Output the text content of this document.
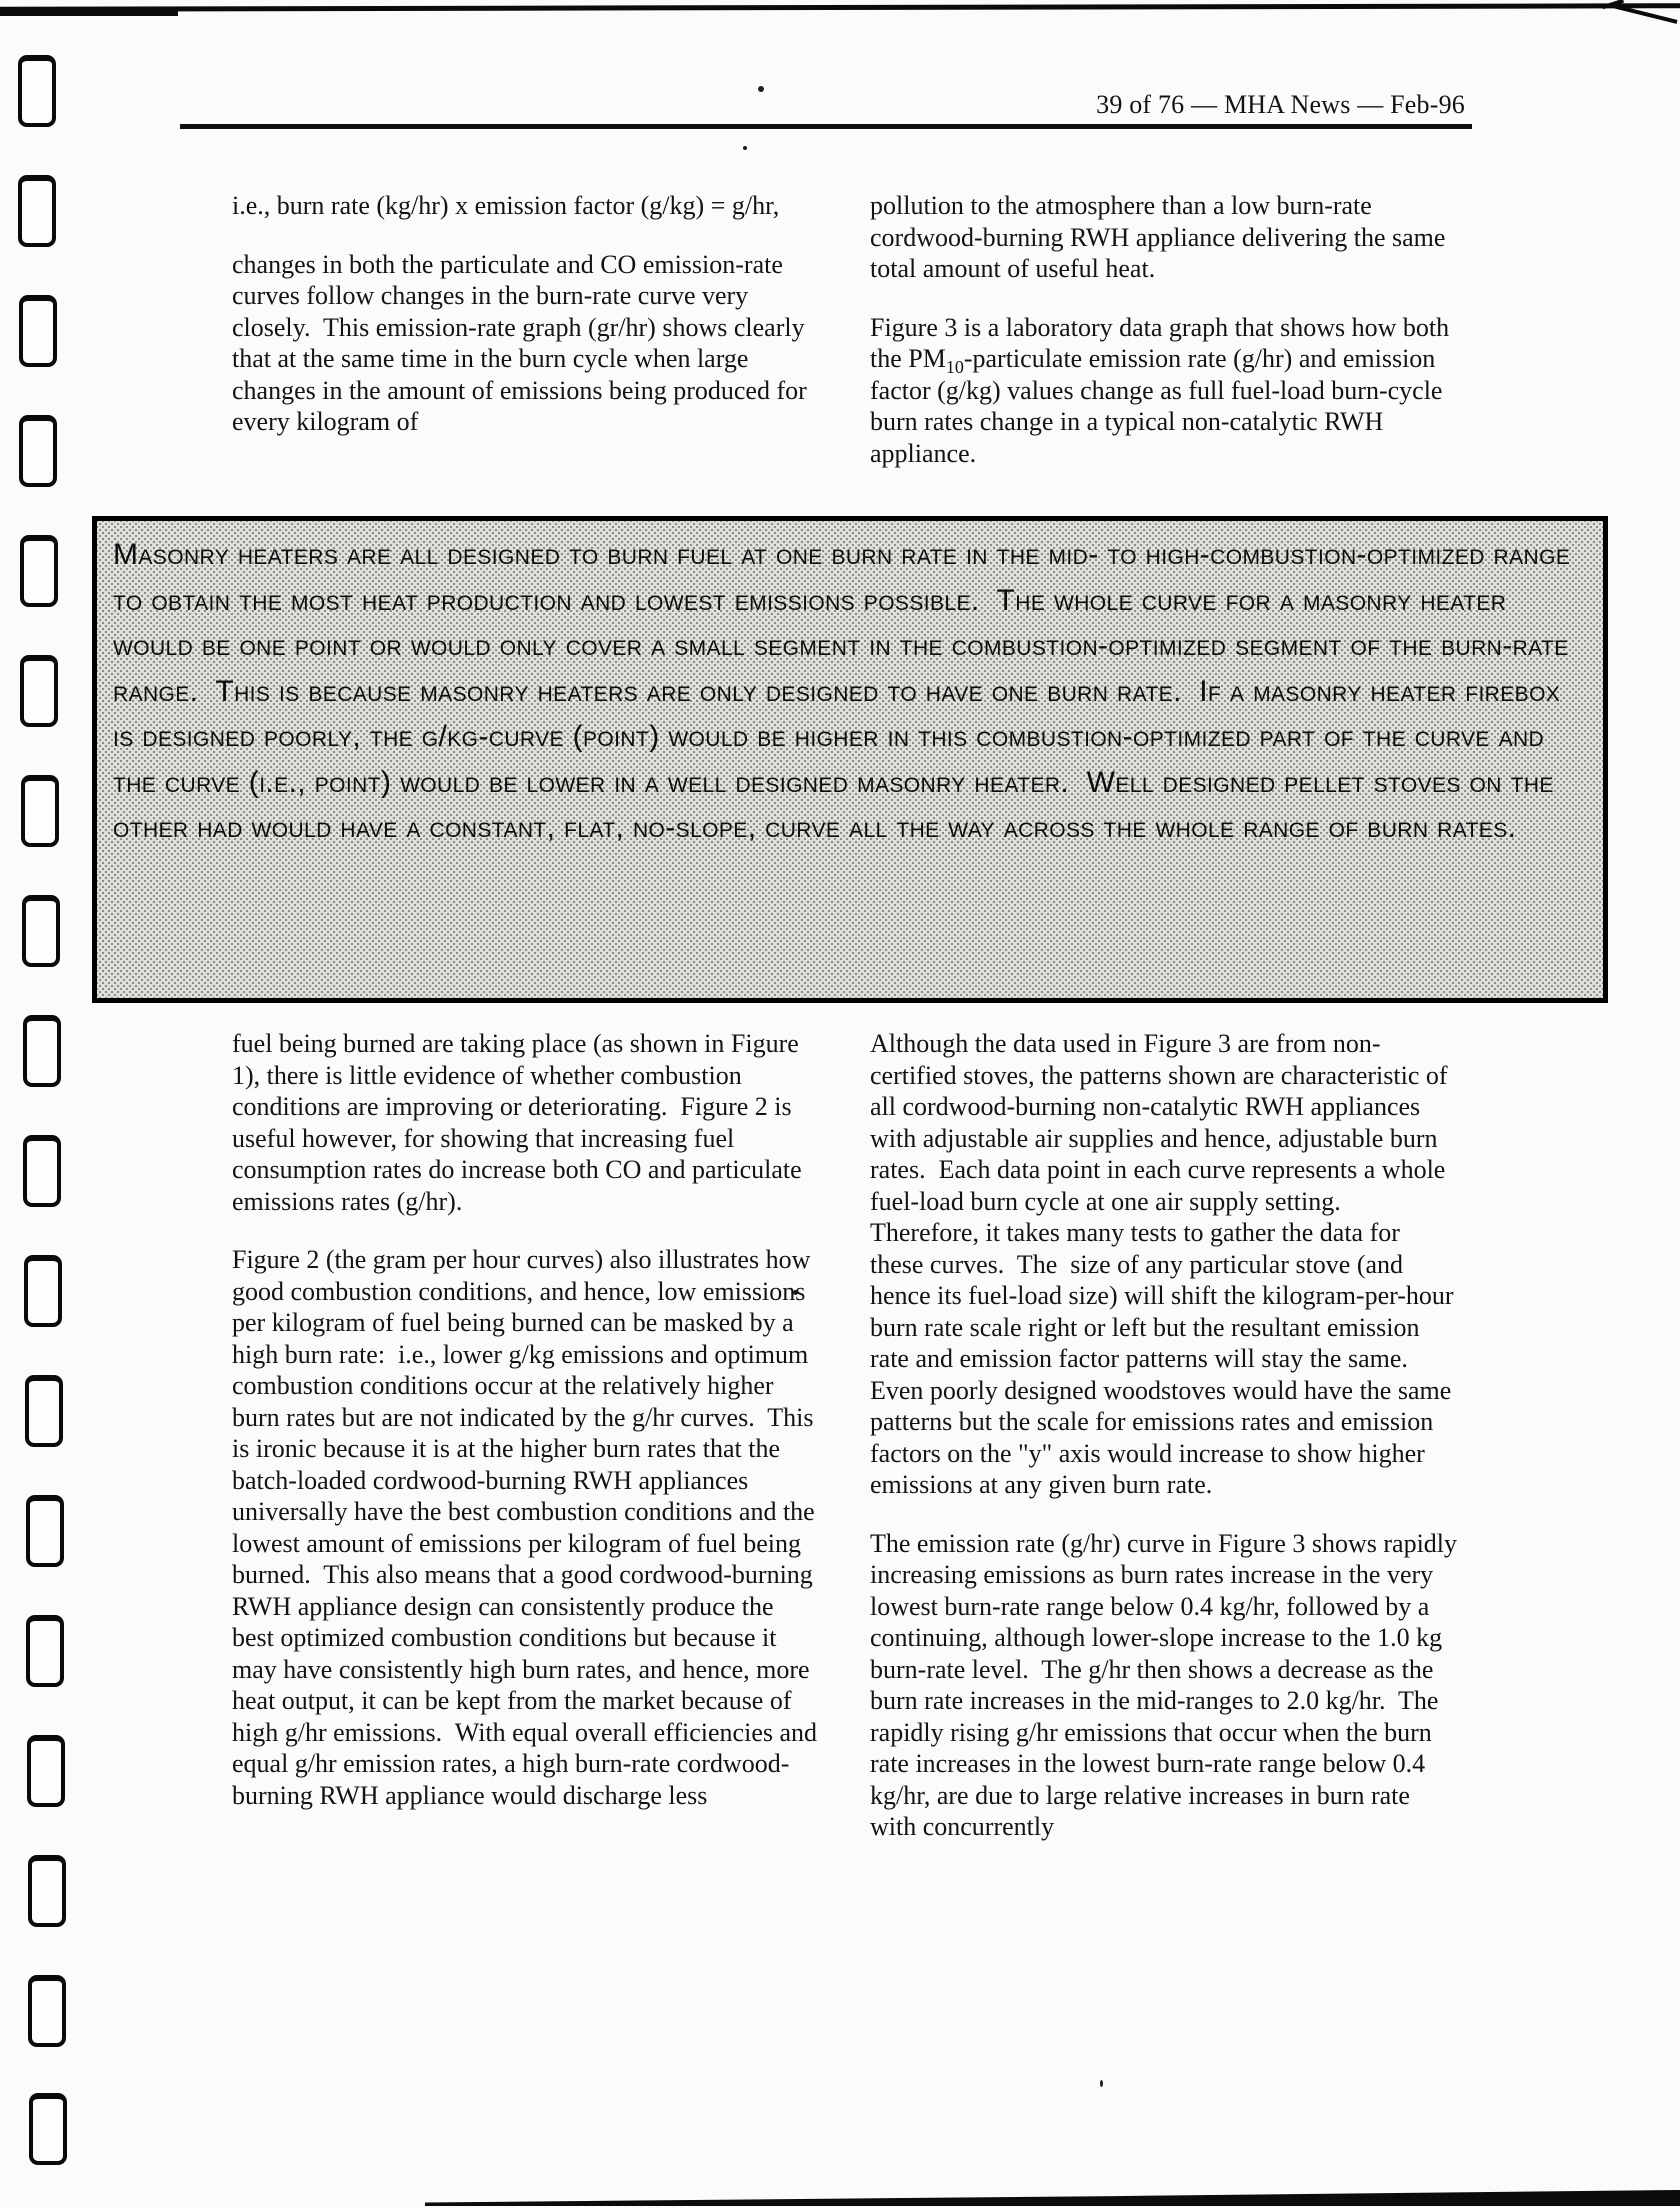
39 of 76 — MHA News — Feb-96

i.e., burn rate (kg/hr) x emission factor (g/kg) = g/hr,

changes in both the particulate and CO emission-rate curves follow changes in the burn-rate curve very closely.  This emission-rate graph (gr/hr) shows clearly that at the same time in the burn cycle when large changes in the amount of emissions being produced for every kilogram of

pollution to the atmosphere than a low burn-rate cordwood-burning RWH appliance delivering the same total amount of useful heat.

Figure 3 is a laboratory data graph that shows how both the $PM_{10}$-particulate emission rate (g/hr) and emission factor (g/kg) values change as full fuel-load burn-cycle burn rates change in a typical non-catalytic RWH appliance.

Masonry heaters are all designed to burn fuel at one burn rate in the mid- to high-combustion-optimized range to obtain the most heat production and lowest emissions possible.  The whole curve for a masonry heater would be one point or would only cover a small segment in the combustion-optimized segment of the burn-rate range.  This is because masonry heaters are only designed to have one burn rate.  If a masonry heater firebox is designed poorly, the g/kg-curve (point) would be higher in this combustion-optimized part of the curve and the curve (i.e., point) would be lower in a well designed masonry heater.  Well designed pellet stoves on the other had would have a constant, flat, no-slope, curve all the way across the whole range of burn rates.

fuel being burned are taking place (as shown in Figure 1), there is little evidence of whether combustion conditions are improving or deteriorating.  Figure 2 is useful however, for showing that increasing fuel consumption rates do increase both CO and particulate emissions rates (g/hr).

Figure 2 (the gram per hour curves) also illustrates how good combustion conditions, and hence, low emissions per kilogram of fuel being burned can be masked by a high burn rate:  i.e., lower g/kg emissions and optimum combustion conditions occur at the relatively higher burn rates but are not indicated by the g/hr curves.  This is ironic because it is at the higher burn rates that the batch-loaded cordwood-burning RWH appliances universally have the best combustion conditions and the lowest amount of emissions per kilogram of fuel being burned.  This also means that a good cordwood-burning RWH appliance design can consistently produce the best optimized combustion conditions but because it may have consistently high burn rates, and hence, more heat output, it can be kept from the market because of high g/hr emissions.  With equal overall efficiencies and equal g/hr emission rates, a high burn-rate cordwood-burning RWH appliance would discharge less

Although the data used in Figure 3 are from non-certified stoves, the patterns shown are characteristic of all cordwood-burning non-catalytic RWH appliances with adjustable air supplies and hence, adjustable burn rates.  Each data point in each curve represents a whole fuel-load burn cycle at one air supply setting.  Therefore, it takes many tests to gather the data for these curves.  The  size of any particular stove (and hence its fuel-load size) will shift the kilogram-per-hour burn rate scale right or left but the resultant emission rate and emission factor patterns will stay the same.  Even poorly designed woodstoves would have the same patterns but the scale for emissions rates and emission factors on the "y" axis would increase to show higher emissions at any given burn rate.

The emission rate (g/hr) curve in Figure 3 shows rapidly increasing emissions as burn rates increase in the very lowest burn-rate range below 0.4 kg/hr, followed by a continuing, although lower-slope increase to the 1.0 kg burn-rate level.  The g/hr then shows a decrease as the burn rate increases in the mid-ranges to 2.0 kg/hr.  The rapidly rising g/hr emissions that occur when the burn rate increases in the lowest burn-rate range below 0.4 kg/hr, are due to large relative increases in burn rate with concurrently
